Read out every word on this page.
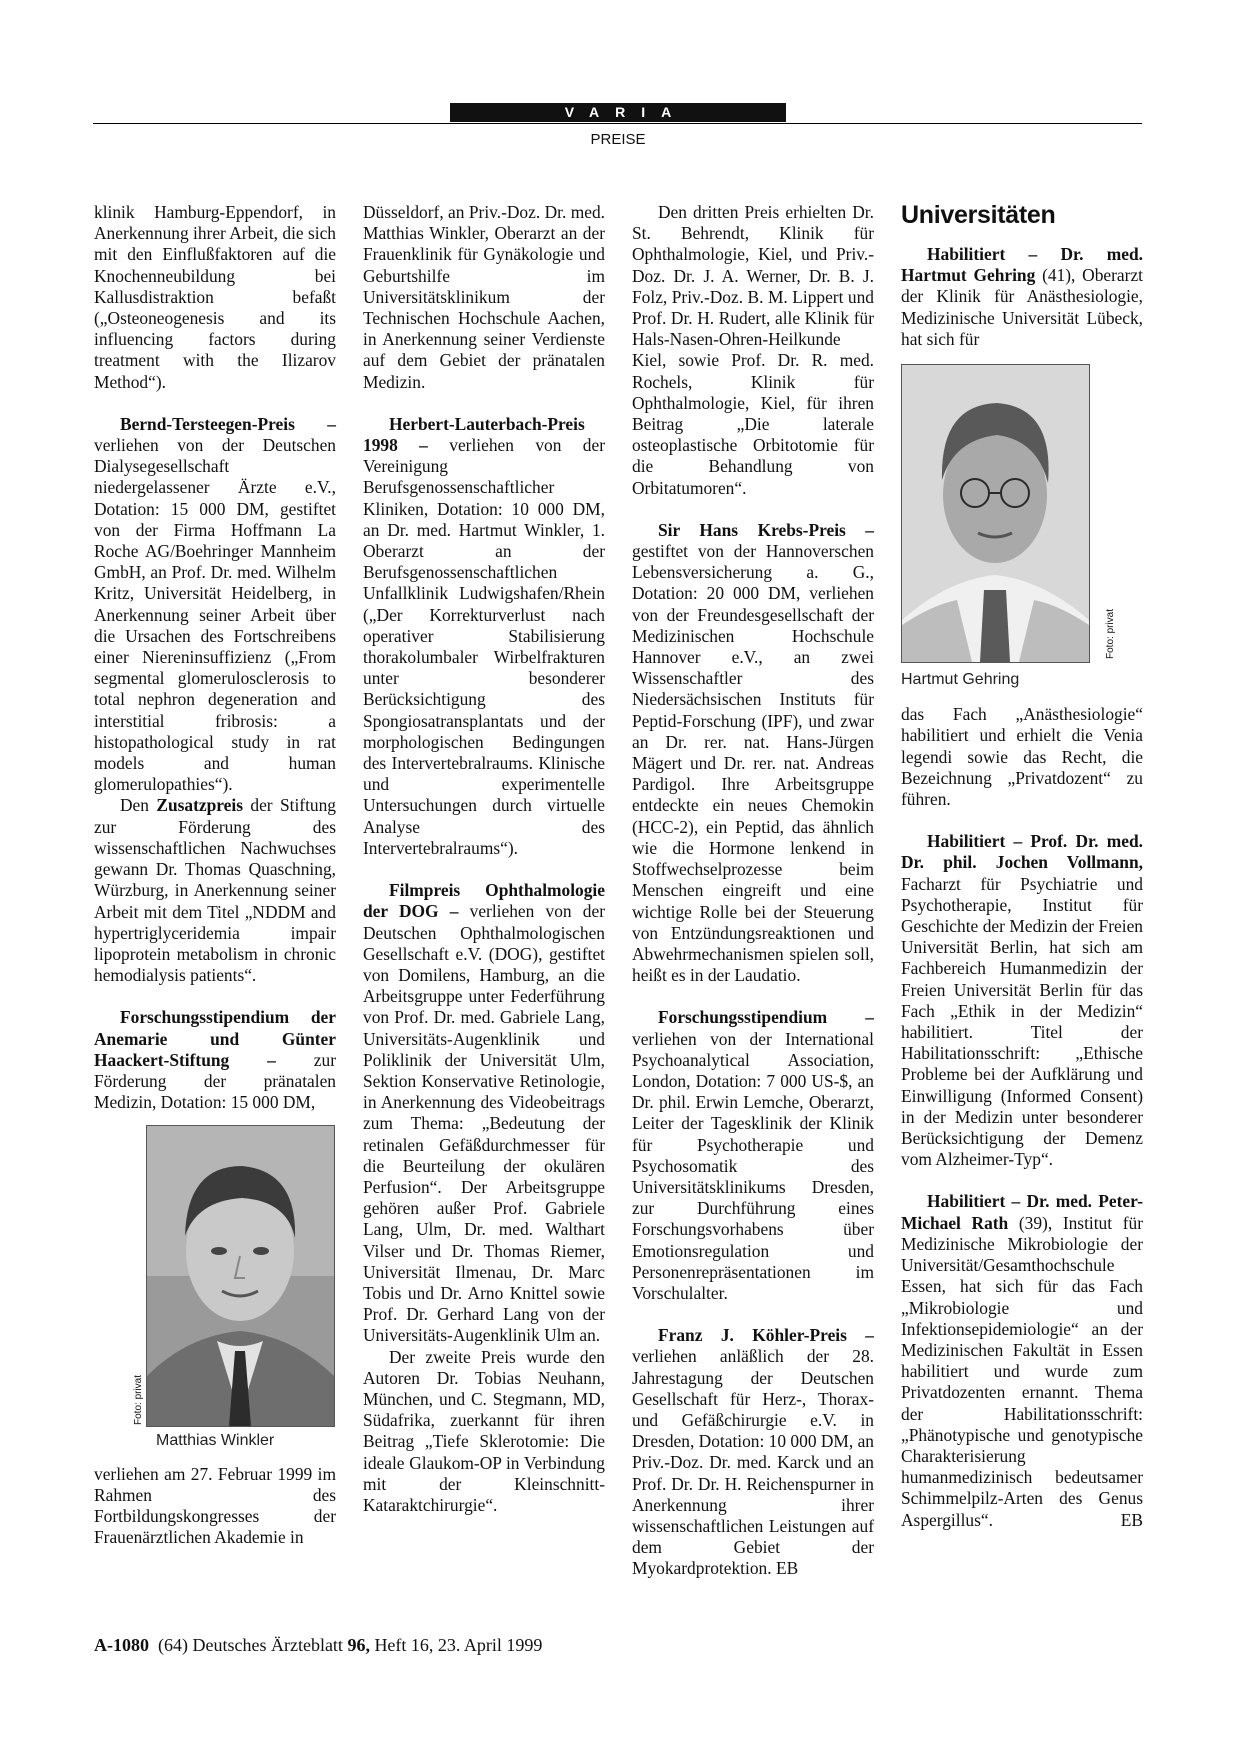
VARIA
PREISE

klinik Hamburg-Eppendorf, in Anerkennung ihrer Arbeit, die sich mit den Einflußfaktoren auf die Knochenneubildung bei Kallusdistraktion befaßt („Osteoneogenesis and its influencing factors during treatment with the Ilizarov Method“).

Bernd-Tersteegen-Preis – verliehen von der Deutschen Dialysegesellschaft niedergelassener Ärzte e.V., Dotation: 15 000 DM, gestiftet von der Firma Hoffmann La Roche AG/Boehringer Mannheim GmbH, an Prof. Dr. med. Wilhelm Kritz, Universität Heidelberg, in Anerkennung seiner Arbeit über die Ursachen des Fortschreibens einer Niereninsuffizienz („From segmental glomerulosclerosis to total nephron degeneration and interstitial fribrosis: a histopathological study in rat models and human glomerulopathies“).

Den Zusatzpreis der Stiftung zur Förderung des wissenschaftlichen Nachwuchses gewann Dr. Thomas Quaschning, Würzburg, in Anerkennung seiner Arbeit mit dem Titel „NDDM and hypertriglyceridemia impair lipoprotein metabolism in chronic hemodialysis patients“.

Forschungsstipendium der Anemarie und Günter Haackert-Stiftung – zur Förderung der pränatalen Medizin, Dotation: 15 000 DM,

Foto: privat
Matthias Winkler

verliehen am 27. Februar 1999 im Rahmen des Fortbildungskongresses der Frauenärztlichen Akademie in

Düsseldorf, an Priv.-Doz. Dr. med. Matthias Winkler, Oberarzt an der Frauenklinik für Gynäkologie und Geburtshilfe im Universitätsklinikum der Technischen Hochschule Aachen, in Anerkennung seiner Verdienste auf dem Gebiet der pränatalen Medizin.

Herbert-Lauterbach-Preis 1998 – verliehen von der Vereinigung Berufsgenossenschaftlicher Kliniken, Dotation: 10 000 DM, an Dr. med. Hartmut Winkler, 1. Oberarzt an der Berufsgenossenschaftlichen Unfallklinik Ludwigshafen/Rhein („Der Korrekturverlust nach operativer Stabilisierung thorakolumbaler Wirbelfrakturen unter besonderer Berücksichtigung des Spongiosatransplantats und der morphologischen Bedingungen des Intervertebralraums. Klinische und experimentelle Untersuchungen durch virtuelle Analyse des Intervertebralraums“).

Filmpreis Ophthalmologie der DOG – verliehen von der Deutschen Ophthalmologischen Gesellschaft e.V. (DOG), gestiftet von Domilens, Hamburg, an die Arbeitsgruppe unter Federführung von Prof. Dr. med. Gabriele Lang, Universitäts-Augenklinik und Poliklinik der Universität Ulm, Sektion Konservative Retinologie, in Anerkennung des Videobeitrags zum Thema: „Bedeutung der retinalen Gefäßdurchmesser für die Beurteilung der okulären Perfusion“. Der Arbeitsgruppe gehören außer Prof. Gabriele Lang, Ulm, Dr. med. Walthart Vilser und Dr. Thomas Riemer, Universität Ilmenau, Dr. Marc Tobis und Dr. Arno Knittel sowie Prof. Dr. Gerhard Lang von der Universitäts-Augenklinik Ulm an.

Der zweite Preis wurde den Autoren Dr. Tobias Neuhann, München, und C. Stegmann, MD, Südafrika, zuerkannt für ihren Beitrag „Tiefe Sklerotomie: Die ideale Glaukom-OP in Verbindung mit der Kleinschnitt-Kataraktchirurgie“.

Den dritten Preis erhielten Dr. St. Behrendt, Klinik für Ophthalmologie, Kiel, und Priv.-Doz. Dr. J. A. Werner, Dr. B. J. Folz, Priv.-Doz. B. M. Lippert und Prof. Dr. H. Rudert, alle Klinik für Hals-Nasen-Ohren-Heilkunde Kiel, sowie Prof. Dr. R. med. Rochels, Klinik für Ophthalmologie, Kiel, für ihren Beitrag „Die laterale osteoplastische Orbitotomie für die Behandlung von Orbitatumoren“.

Sir Hans Krebs-Preis – gestiftet von der Hannoverschen Lebensversicherung a. G., Dotation: 20 000 DM, verliehen von der Freundesgesellschaft der Medizinischen Hochschule Hannover e.V., an zwei Wissenschaftler des Niedersächsischen Instituts für Peptid-Forschung (IPF), und zwar an Dr. rer. nat. Hans-Jürgen Mägert und Dr. rer. nat. Andreas Pardigol. Ihre Arbeitsgruppe entdeckte ein neues Chemokin (HCC-2), ein Peptid, das ähnlich wie die Hormone lenkend in Stoffwechselprozesse beim Menschen eingreift und eine wichtige Rolle bei der Steuerung von Entzündungsreaktionen und Abwehrmechanismen spielen soll, heißt es in der Laudatio.

Forschungsstipendium – verliehen von der International Psychoanalytical Association, London, Dotation: 7 000 US-$, an Dr. phil. Erwin Lemche, Oberarzt, Leiter der Tagesklinik der Klinik für Psychotherapie und Psychosomatik des Universitätsklinikums Dresden, zur Durchführung eines Forschungsvorhabens über Emotionsregulation und Personenrepräsentationen im Vorschulalter.

Franz J. Köhler-Preis – verliehen anläßlich der 28. Jahrestagung der Deutschen Gesellschaft für Herz-, Thorax- und Gefäßchirurgie e.V. in Dresden, Dotation: 10 000 DM, an Priv.-Doz. Dr. med. Karck und an Prof. Dr. Dr. H. Reichenspurner in Anerkennung ihrer wissenschaftlichen Leistungen auf dem Gebiet der Myokardprotektion. EB

Universitäten

Habilitiert – Dr. med. Hartmut Gehring (41), Oberarzt der Klinik für Anästhesiologie, Medizinische Universität Lübeck, hat sich für

Hartmut Gehring
Foto: privat

das Fach „Anästhesiologie“ habilitiert und erhielt die Venia legendi sowie das Recht, die Bezeichnung „Privatdozent“ zu führen.

Habilitiert – Prof. Dr. med. Dr. phil. Jochen Vollmann, Facharzt für Psychiatrie und Psychotherapie, Institut für Geschichte der Medizin der Freien Universität Berlin, hat sich am Fachbereich Humanmedizin der Freien Universität Berlin für das Fach „Ethik in der Medizin“ habilitiert. Titel der Habilitationsschrift: „Ethische Probleme bei der Aufklärung und Einwilligung (Informed Consent) in der Medizin unter besonderer Berücksichtigung der Demenz vom Alzheimer-Typ“.

Habilitiert – Dr. med. Peter-Michael Rath (39), Institut für Medizinische Mikrobiologie der Universität/Gesamthochschule Essen, hat sich für das Fach „Mikrobiologie und Infektionsepidemiologie“ an der Medizinischen Fakultät in Essen habilitiert und wurde zum Privatdozenten ernannt. Thema der Habilitationsschrift: „Phänotypische und genotypische Charakterisierung humanmedizinisch bedeutsamer Schimmelpilz-Arten des Genus Aspergillus“.	EB

A-1080 (64) Deutsches Ärzteblatt 96, Heft 16, 23. April 1999
